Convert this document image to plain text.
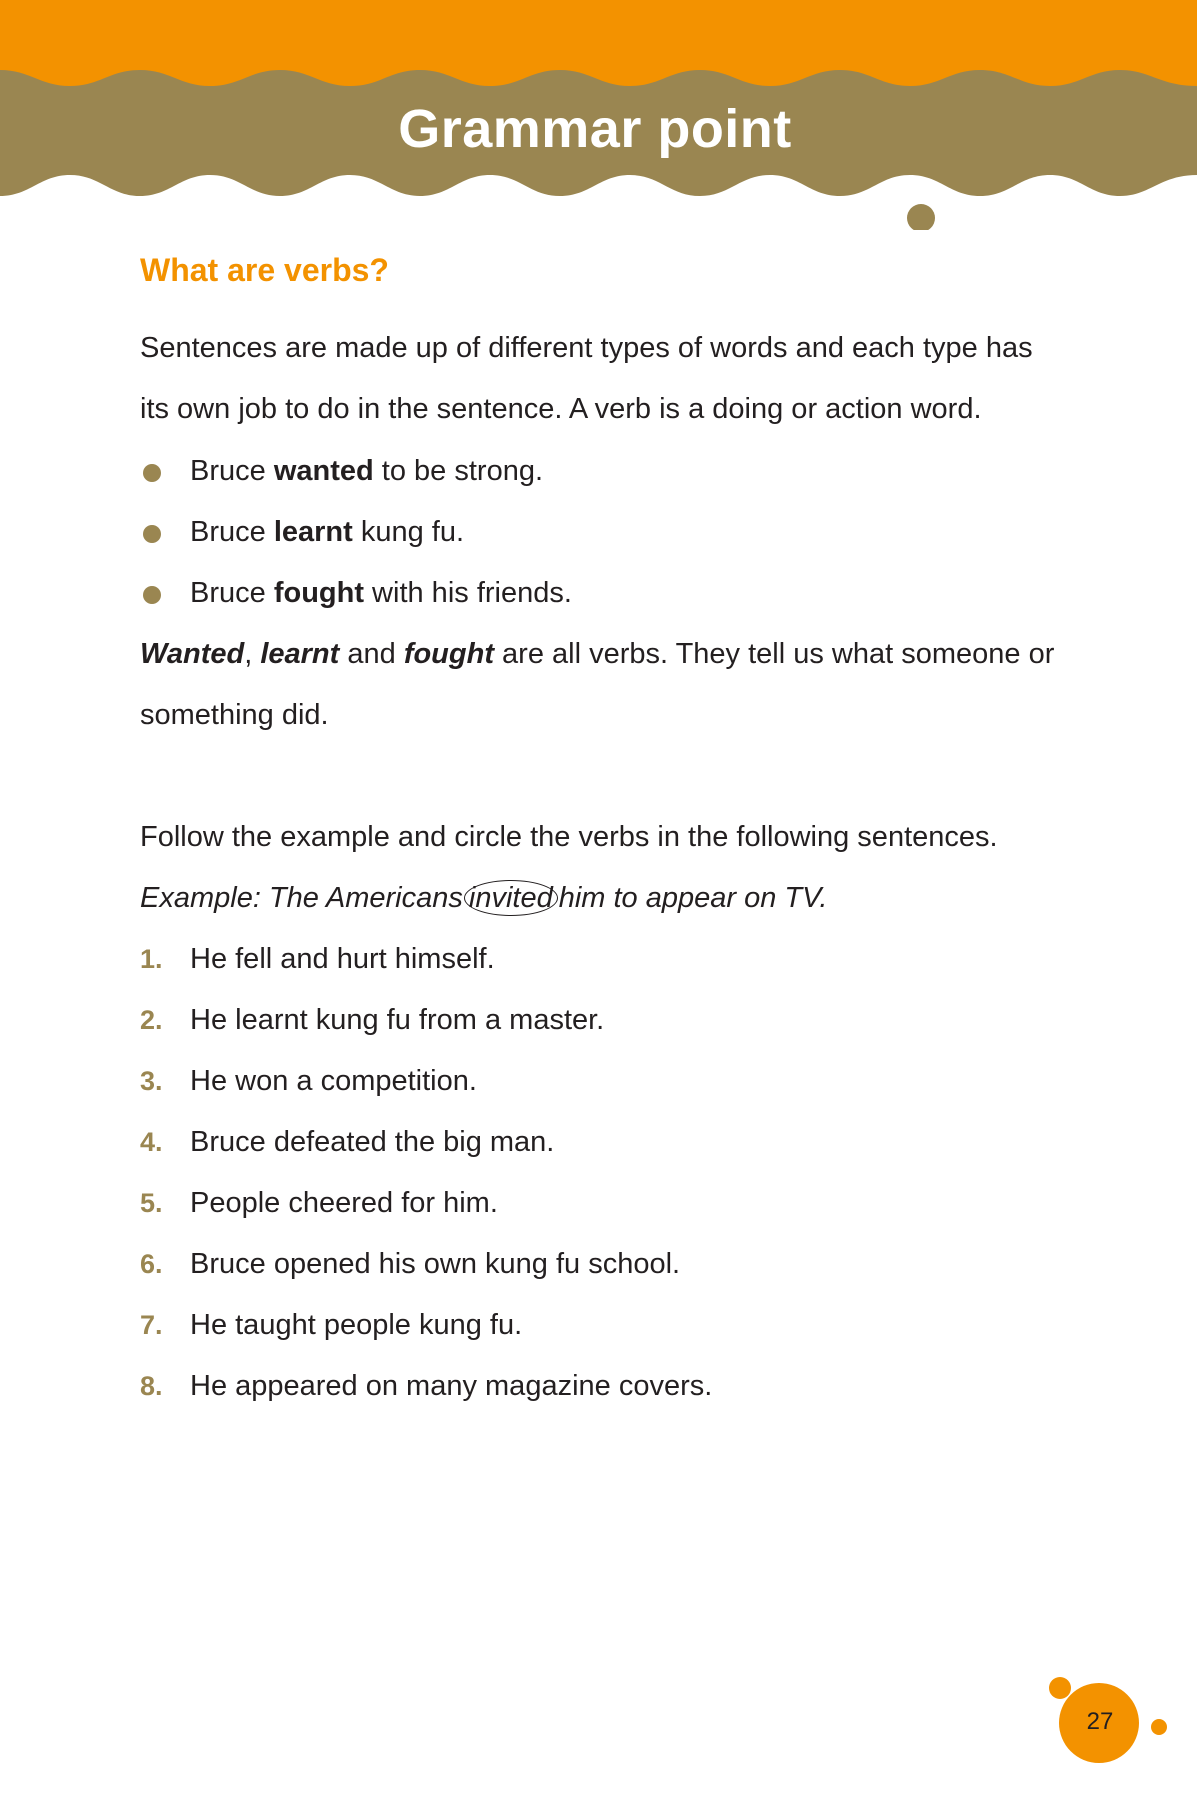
Grammar point
What are verbs?
Sentences are made up of different types of words and each type has
its own job to do in the sentence. A verb is a doing or action word.
Bruce wanted to be strong.
Bruce learnt kung fu.
Bruce fought with his friends.
Wanted, learnt and fought are all verbs. They tell us what someone or
something did.
Follow the example and circle the verbs in the following sentences.
Example: The Americans invited him to appear on TV.
1. He fell and hurt himself.
2. He learnt kung fu from a master.
3. He won a competition.
4. Bruce defeated the big man.
5. People cheered for him.
6. Bruce opened his own kung fu school.
7. He taught people kung fu.
8. He appeared on many magazine covers.
27
